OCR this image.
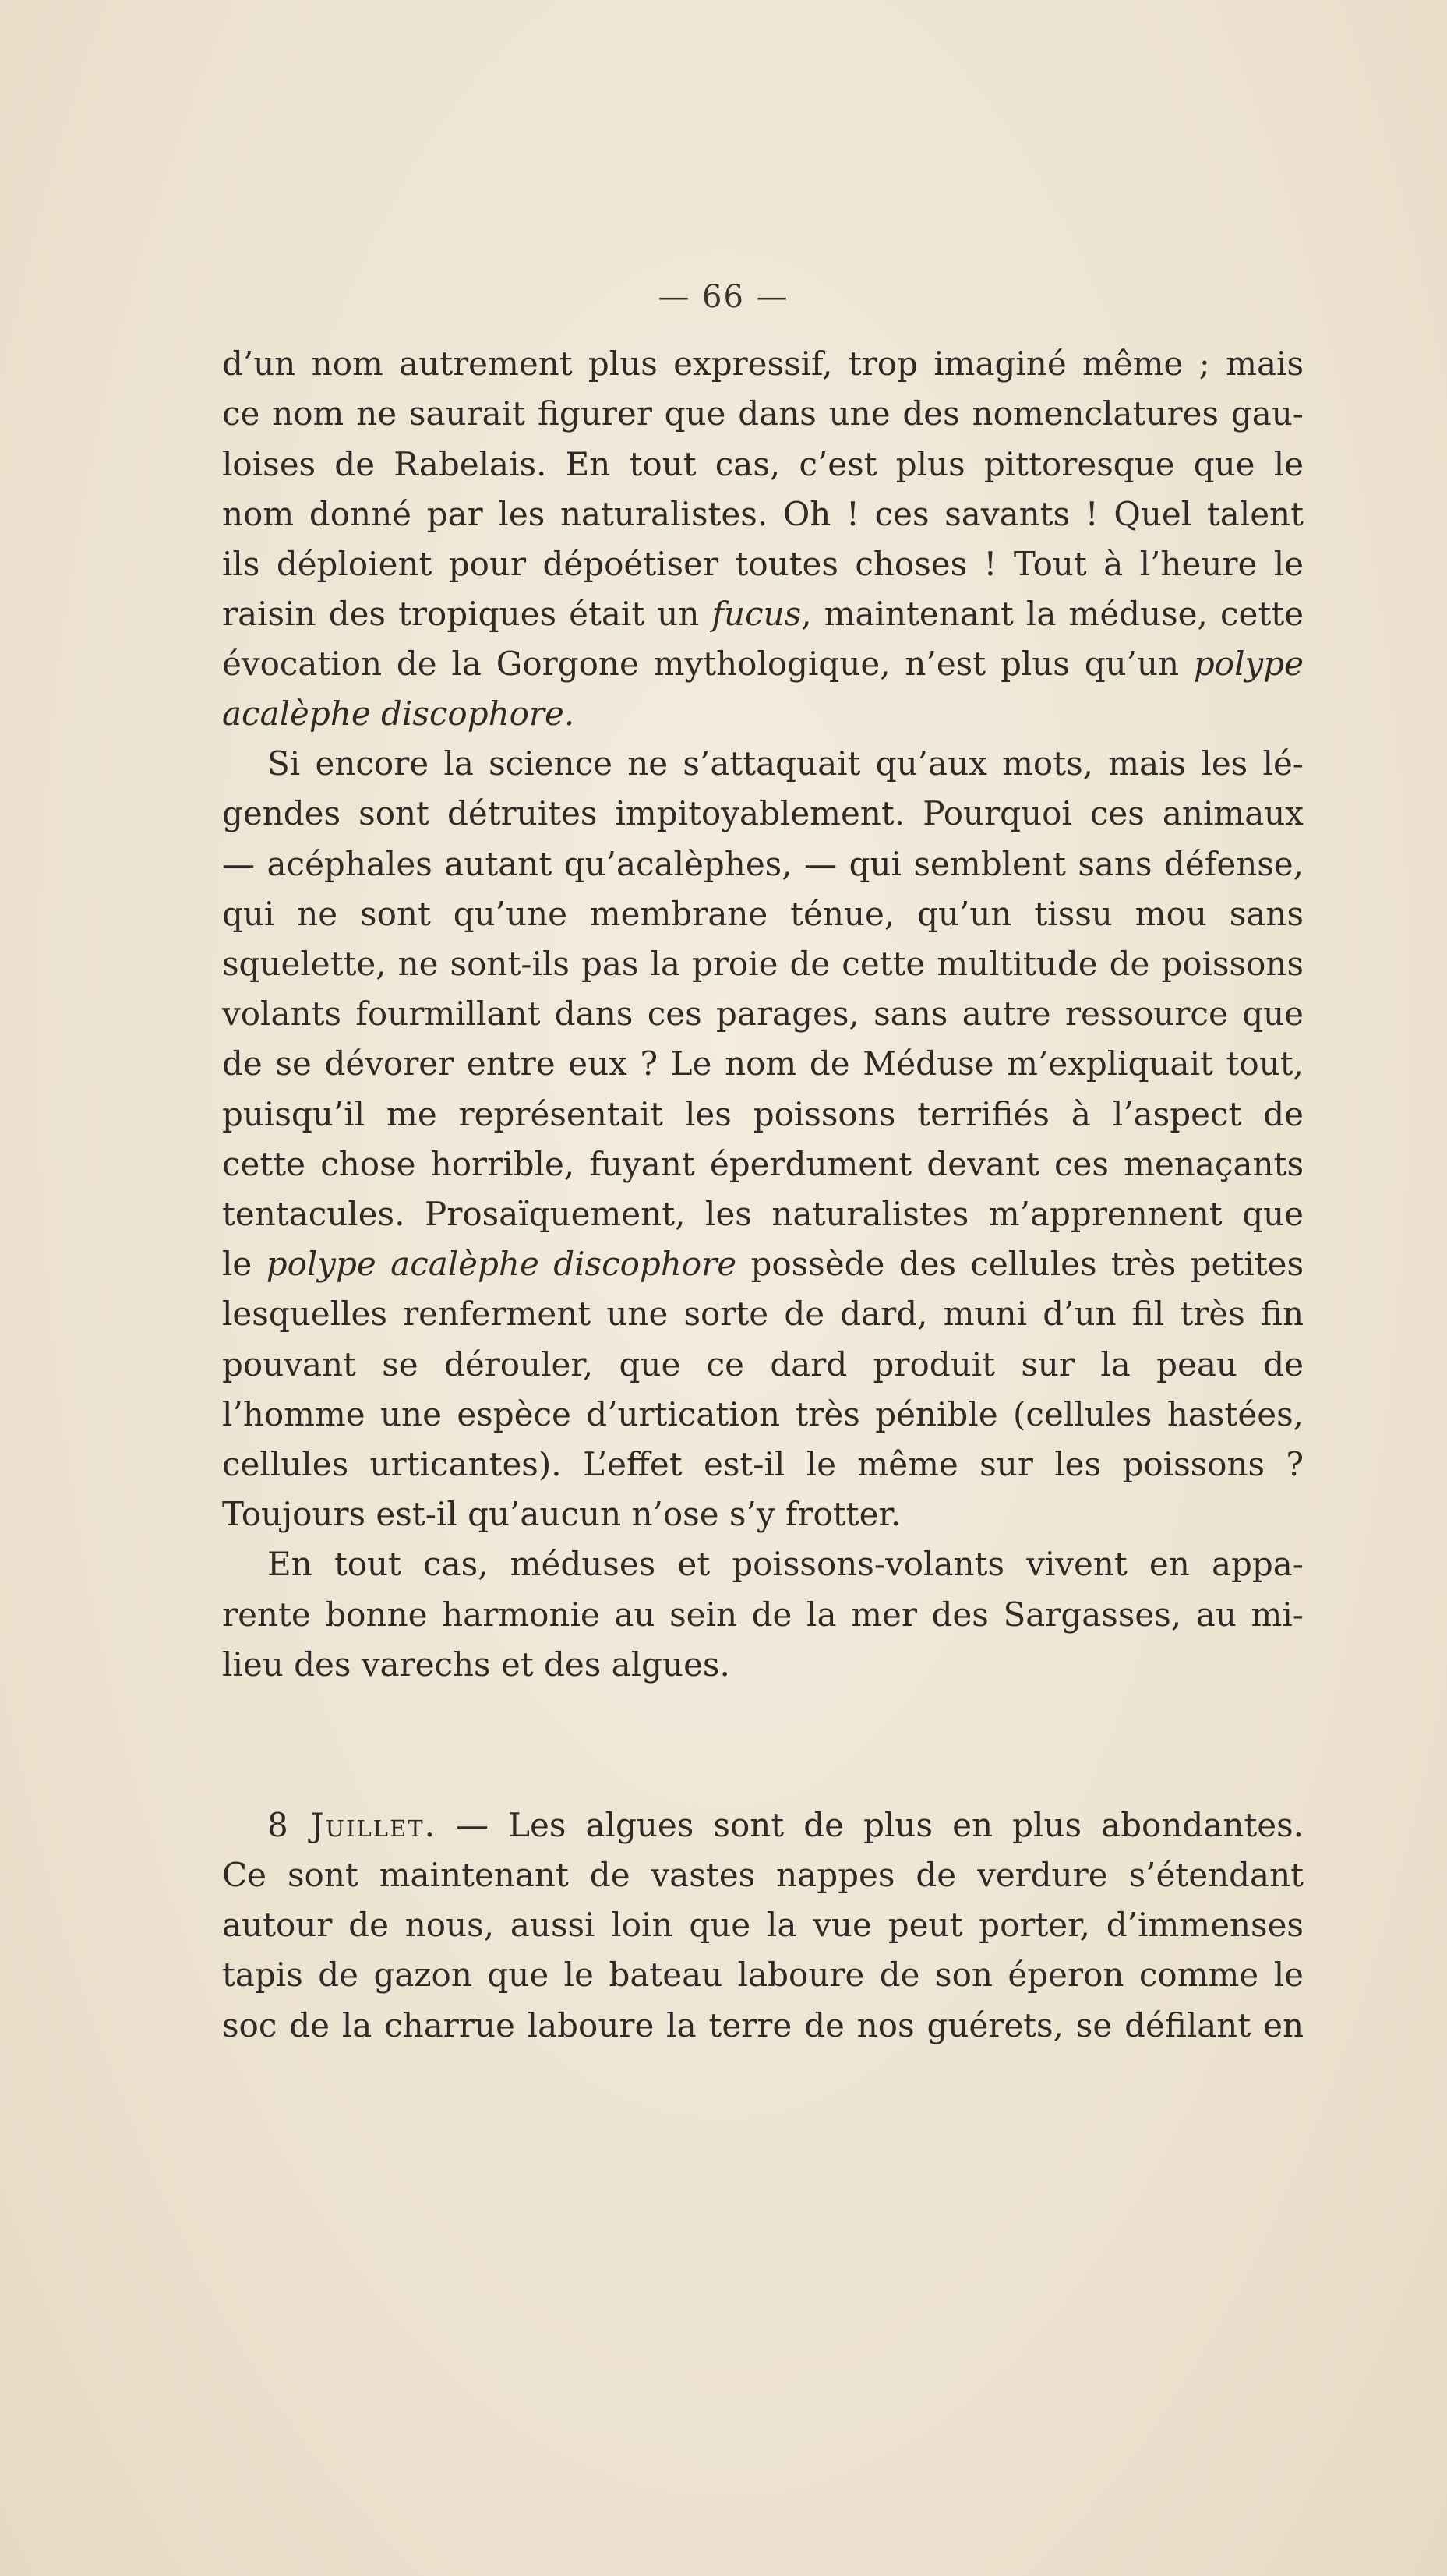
— 66 —
d’un nom autrement plus expressif, trop imaginé même ; mais
ce nom ne saurait figurer que dans une des nomenclatures gau-
loises de Rabelais. En tout cas, c’est plus pittoresque que le
nom donné par les naturalistes. Oh ! ces savants ! Quel talent
ils déploient pour dépoétiser toutes choses ! Tout à l’heure le
raisin des tropiques était un fucus, maintenant la méduse, cette
évocation de la Gorgone mythologique, n’est plus qu’un polype
acalèphe discophore.
Si encore la science ne s’attaquait qu’aux mots, mais les lé-
gendes sont détruites impitoyablement. Pourquoi ces animaux
— acéphales autant qu’acalèphes, — qui semblent sans défense,
qui ne sont qu’une membrane ténue, qu’un tissu mou sans
squelette, ne sont-ils pas la proie de cette multitude de poissons
volants fourmillant dans ces parages, sans autre ressource que
de se dévorer entre eux ? Le nom de Méduse m’expliquait tout,
puisqu’il me représentait les poissons terrifiés à l’aspect de
cette chose horrible, fuyant éperdument devant ces menaçants
tentacules. Prosaïquement, les naturalistes m’apprennent que
le polype acalèphe discophore possède des cellules très petites
lesquelles renferment une sorte de dard, muni d’un fil très fin
pouvant se dérouler, que ce dard produit sur la peau de
l’homme une espèce d’urtication très pénible (cellules hastées,
cellules urticantes). L’effet est-il le même sur les poissons ?
Toujours est-il qu’aucun n’ose s’y frotter.
En tout cas, méduses et poissons-volants vivent en appa-
rente bonne harmonie au sein de la mer des Sargasses, au mi-
lieu des varechs et des algues.
8 Juillet. — Les algues sont de plus en plus abondantes.
Ce sont maintenant de vastes nappes de verdure s’étendant
autour de nous, aussi loin que la vue peut porter, d’immenses
tapis de gazon que le bateau laboure de son éperon comme le
soc de la charrue laboure la terre de nos guérets, se défilant en
